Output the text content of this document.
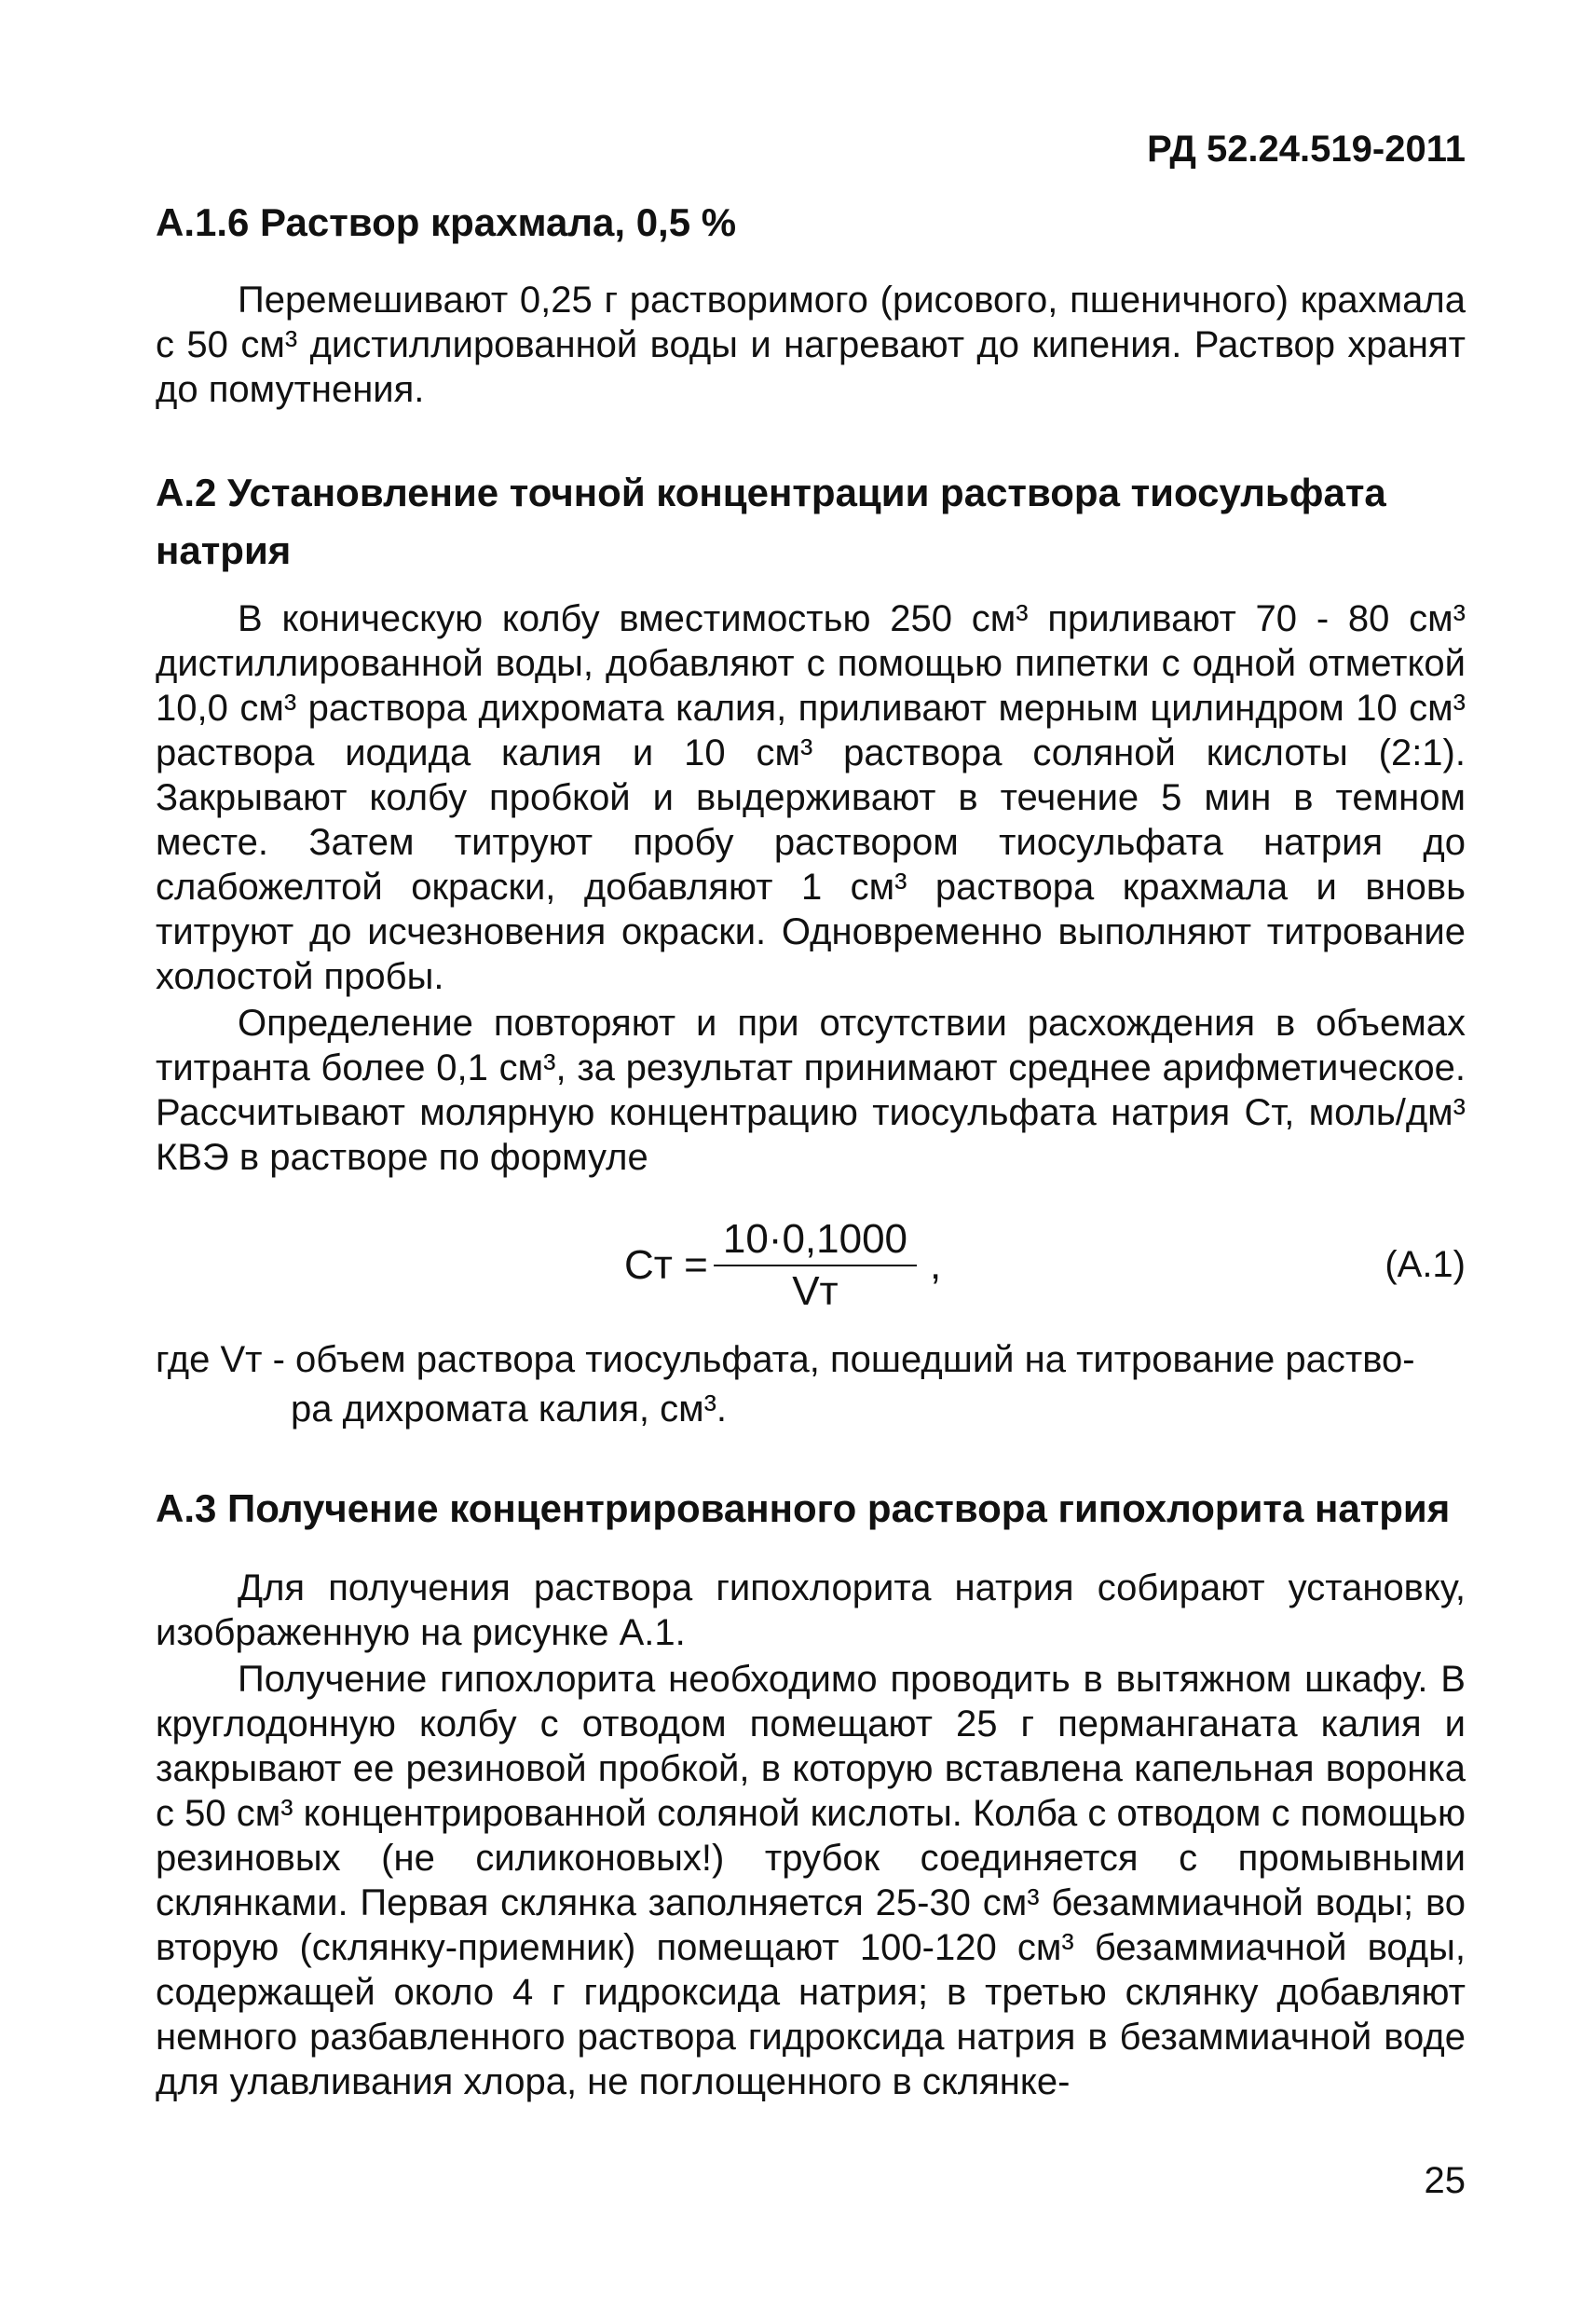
РД 52.24.519-2011
А.1.6 Раствор крахмала, 0,5 %
Перемешивают 0,25 г растворимого (рисового, пшеничного) крахмала с 50 см³ дистиллированной воды и нагревают до кипения. Раствор хранят до помутнения.
А.2 Установление точной концентрации раствора тиосульфата натрия
В коническую колбу вместимостью 250 см³ приливают 70 - 80 см³ дистиллированной воды, добавляют с помощью пипетки с одной отметкой 10,0 см³ раствора дихромата калия, приливают мерным цилиндром 10 см³ раствора иодида калия и 10 см³ раствора соляной кислоты (2:1). Закрывают колбу пробкой и выдерживают в течение 5 мин в темном месте. Затем титруют пробу раствором тиосульфата натрия до слабожелтой окраски, добавляют 1 см³ раствора крахмала и вновь титруют до исчезновения окраски. Одновременно выполняют титрование холостой пробы.
Определение повторяют и при отсутствии расхождения в объемах титранта более 0,1 см³, за результат принимают среднее арифметическое. Рассчитывают молярную концентрацию тиосульфата натрия Cт, моль/дм³ КВЭ в растворе по формуле
Cт = $\frac{10\cdot 0,1000}{Vт}$ ,	(А.1)
где Vт - объем раствора тиосульфата, пошедший на титрование раство-
ра дихромата калия, см³.
А.3 Получение концентрированного раствора гипохлорита натрия
Для получения раствора гипохлорита натрия собирают установку, изображенную на рисунке А.1.
Получение гипохлорита необходимо проводить в вытяжном шкафу. В круглодонную колбу с отводом помещают 25 г перманганата калия и закрывают ее резиновой пробкой, в которую вставлена капельная воронка с 50 см³ концентрированной соляной кислоты. Колба с отводом с помощью резиновых (не силиконовых!) трубок соединяется с промывными склянками. Первая склянка заполняется 25-30 см³ безаммиачной воды; во вторую (склянку-приемник) помещают 100-120 см³ безаммиачной воды, содержащей около 4 г гидроксида натрия; в третью склянку добавляют немного разбавленного раствора гидроксида натрия в безаммиачной воде для улавливания хлора, не поглощенного в склянке-
25
